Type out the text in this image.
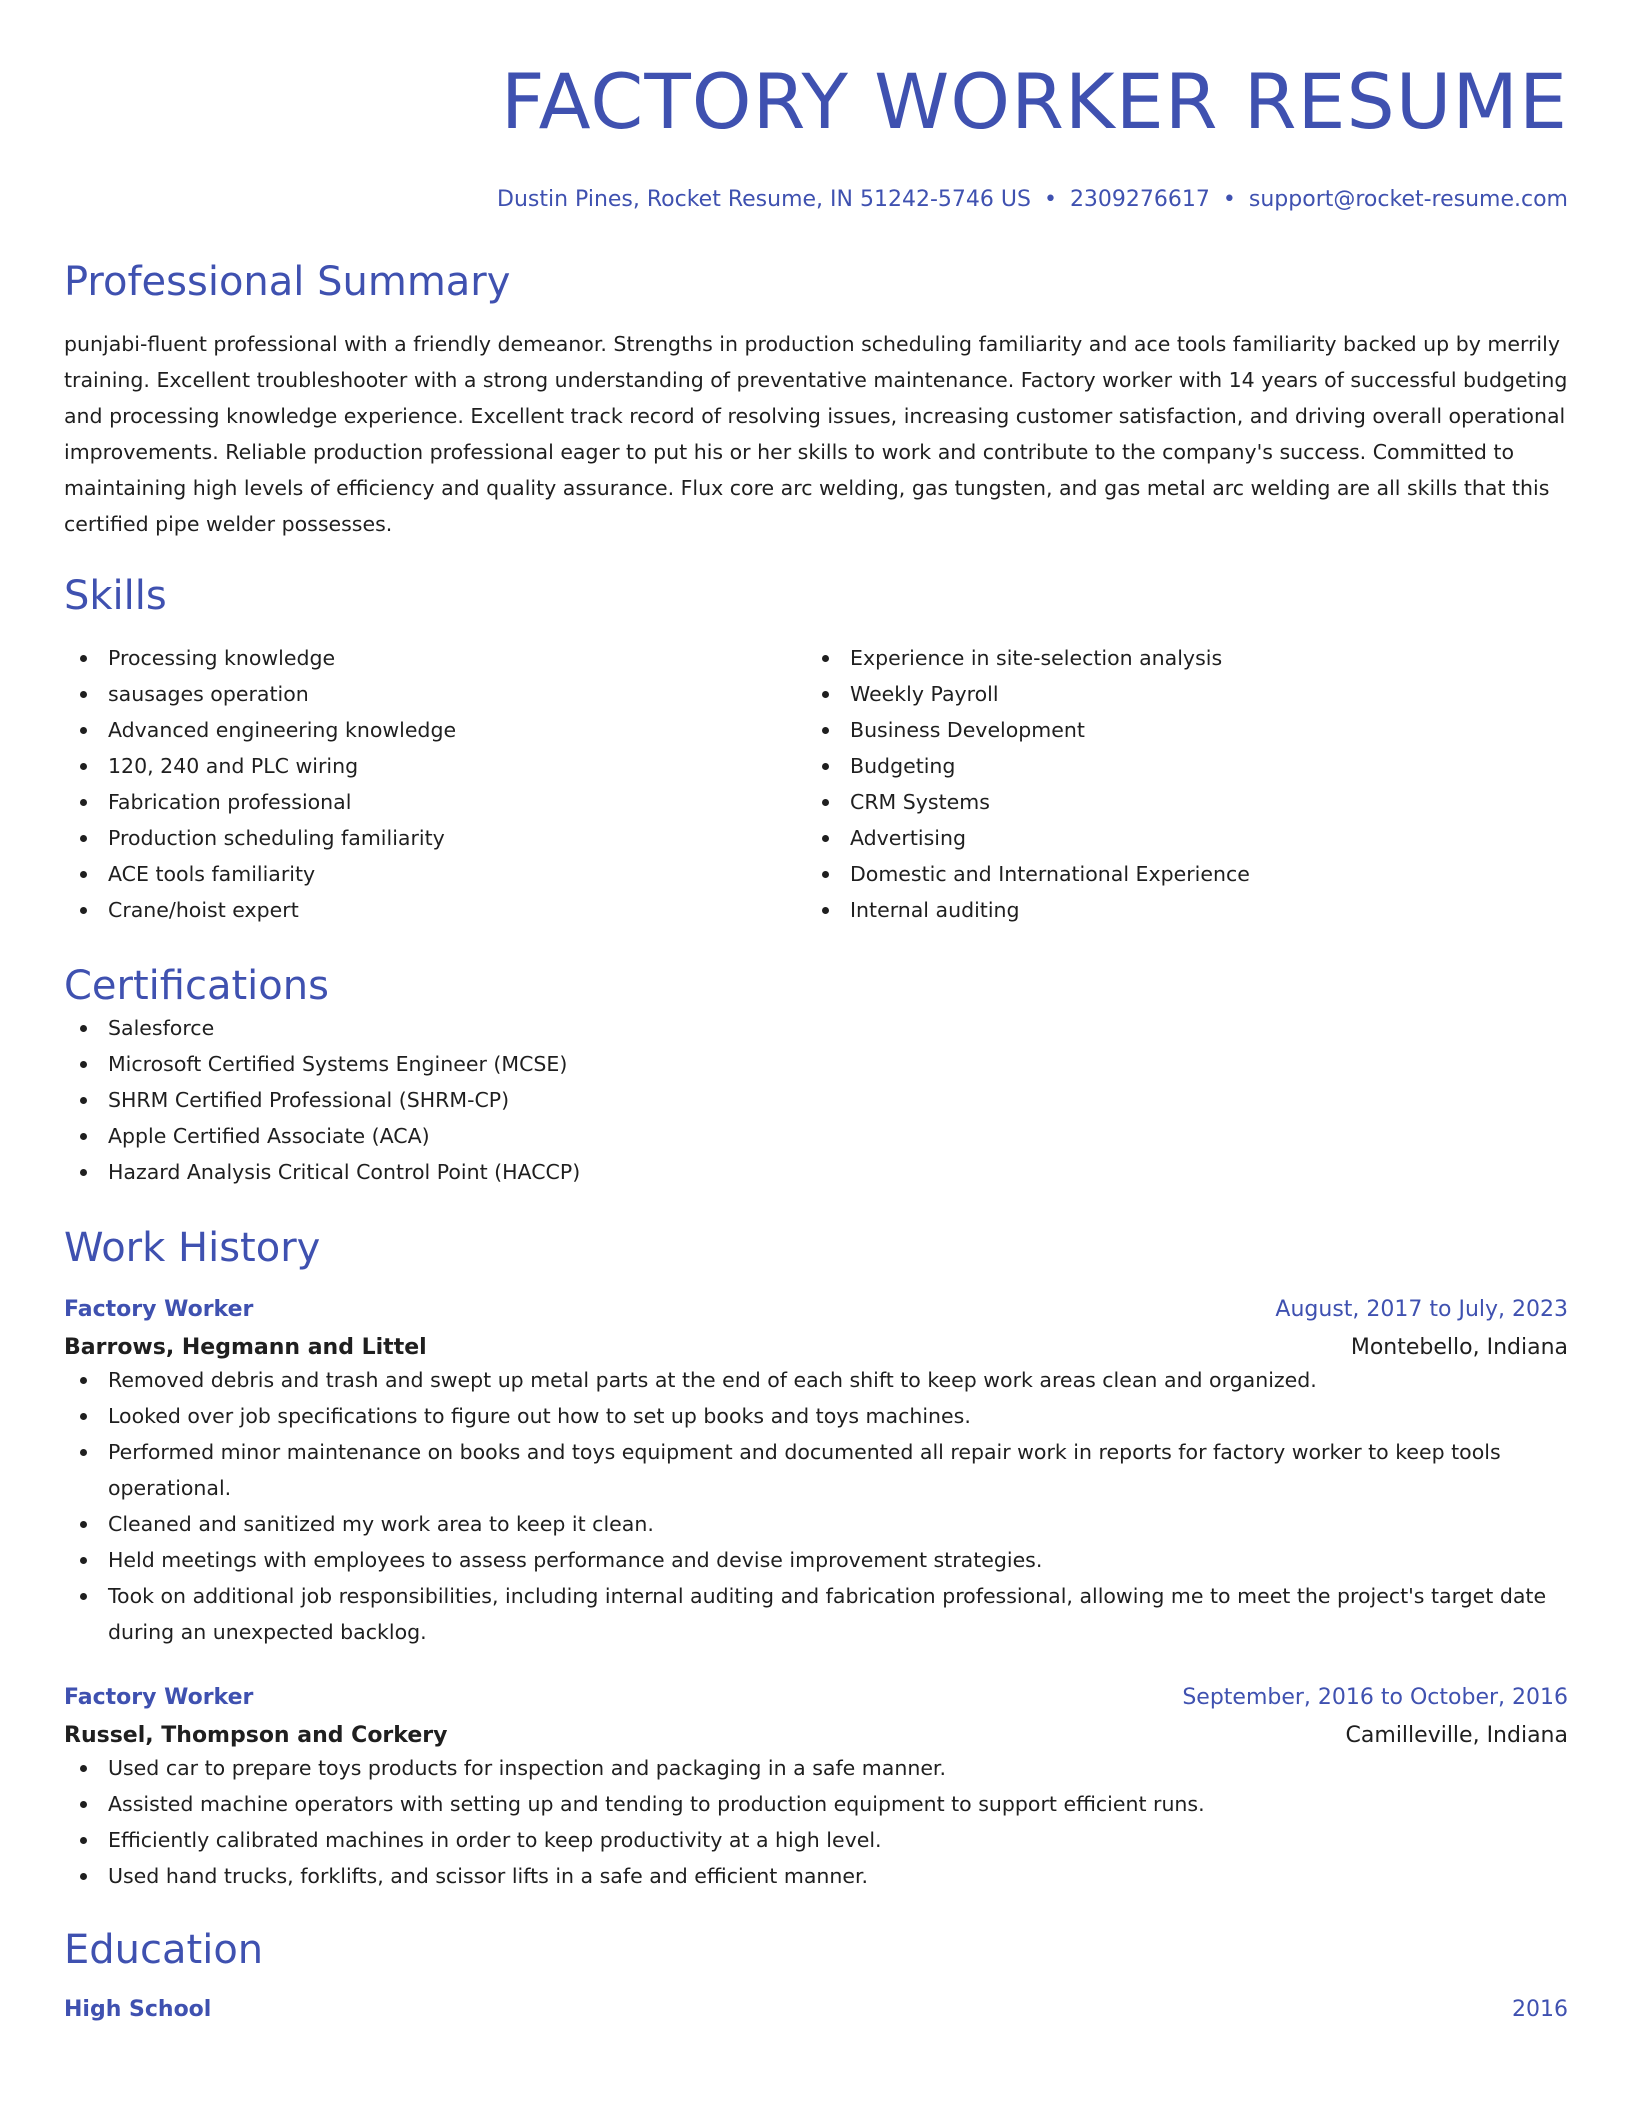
FACTORY WORKER RESUME
Dustin Pines, Rocket Resume, IN 51242-5746 US • 2309276617 • support@rocket-resume.com
Professional Summary

punjabi-fluent professional with a friendly demeanor. Strengths in production scheduling familiarity and ace tools familiarity backed up by merrily training. Excellent troubleshooter with a strong understanding of preventative maintenance. Factory worker with 14 years of successful budgeting and processing knowledge experience. Excellent track record of resolving issues, increasing customer satisfaction, and driving overall operational improvements. Reliable production professional eager to put his or her skills to work and contribute to the company's success. Committed to maintaining high levels of efficiency and quality assurance. Flux core arc welding, gas tungsten, and gas metal arc welding are all skills that this certified pipe welder possesses.

Skills
Processing knowledge
sausages operation
Advanced engineering knowledge
120, 240 and PLC wiring
Fabrication professional
Production scheduling familiarity
ACE tools familiarity
Crane/hoist expert
Experience in site-selection analysis
Weekly Payroll
Business Development
Budgeting
CRM Systems
Advertising
Domestic and International Experience
Internal auditing
Certifications
Salesforce
Microsoft Certified Systems Engineer (MCSE)
SHRM Certified Professional (SHRM-CP)
Apple Certified Associate (ACA)
Hazard Analysis Critical Control Point (HACCP)
Work History
Factory Worker	August, 2017 to July, 2023
Barrows, Hegmann and Littel	Montebello, Indiana
Removed debris and trash and swept up metal parts at the end of each shift to keep work areas clean and organized.
Looked over job specifications to figure out how to set up books and toys machines.
Performed minor maintenance on books and toys equipment and documented all repair work in reports for factory worker to keep tools operational.
Cleaned and sanitized my work area to keep it clean.
Held meetings with employees to assess performance and devise improvement strategies.
Took on additional job responsibilities, including internal auditing and fabrication professional, allowing me to meet the project's target date during an unexpected backlog.
Factory Worker	September, 2016 to October, 2016
Russel, Thompson and Corkery	Camilleville, Indiana
Used car to prepare toys products for inspection and packaging in a safe manner.
Assisted machine operators with setting up and tending to production equipment to support efficient runs.
Efficiently calibrated machines in order to keep productivity at a high level.
Used hand trucks, forklifts, and scissor lifts in a safe and efficient manner.
Education
High School	2016
